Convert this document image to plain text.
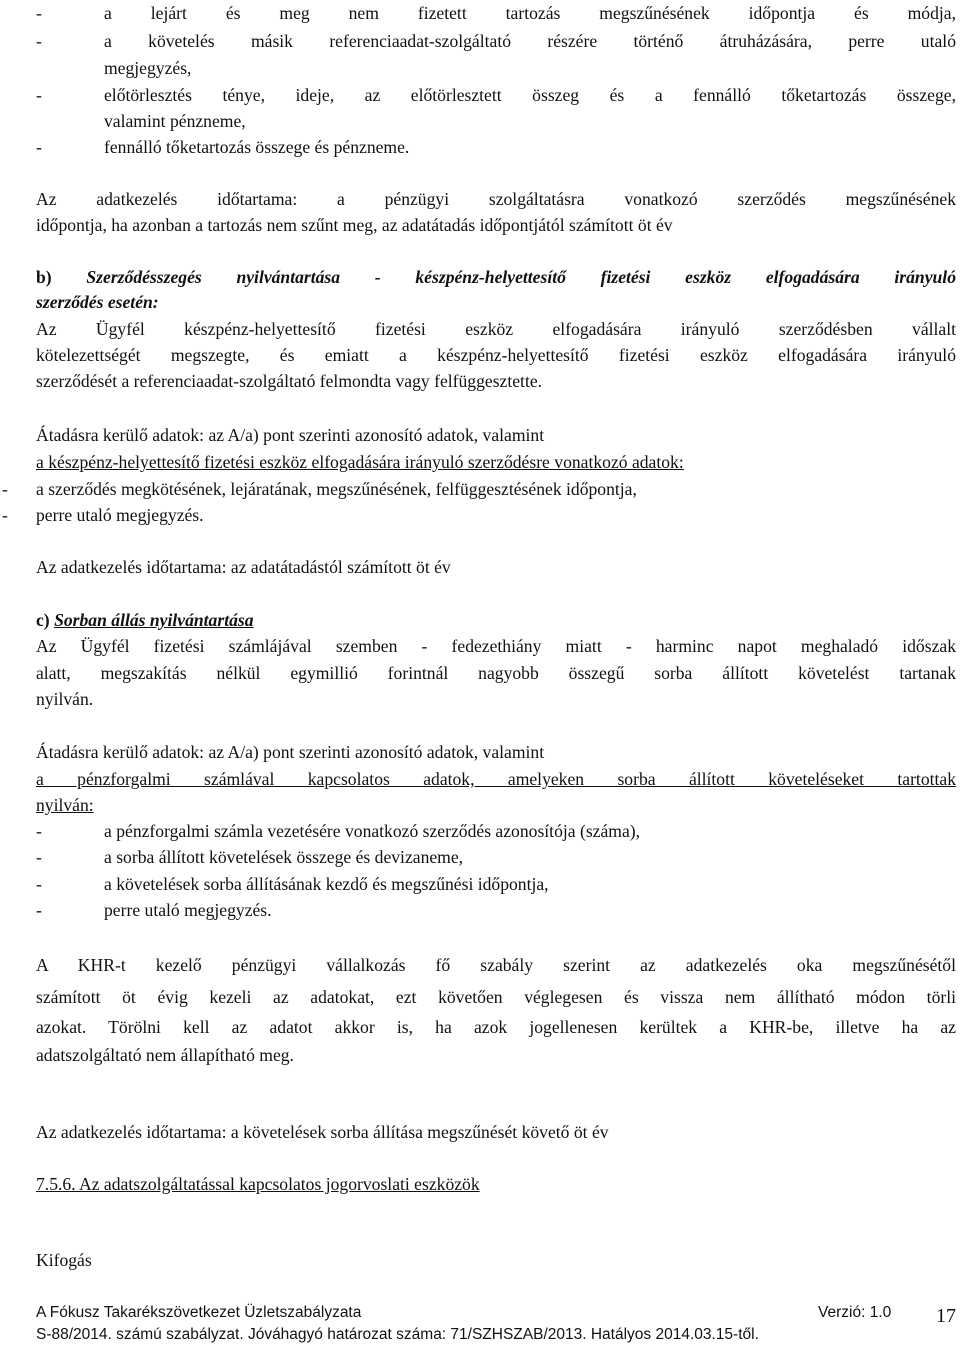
-	a lejárt és meg nem fizetett tartozás megszűnésének időpontja és módja,
-	a követelés másik referenciaadat-szolgáltató részére történő átruházására, perre utaló
megjegyzés,
-	előtörlesztés ténye, ideje, az előtörlesztett összeg és a fennálló tőketartozás összege,
valamint pénzneme,
-	fennálló tőketartozás összege és pénzneme.
Az adatkezelés időtartama: a pénzügyi szolgáltatásra vonatkozó szerződés megszűnésének
időpontja, ha azonban a tartozás nem szűnt meg, az adatátadás időpontjától számított öt év
b) Szerződésszegés nyilvántartása - készpénz-helyettesítő fizetési eszköz elfogadására irányuló
szerződés esetén:
Az Ügyfél készpénz-helyettesítő fizetési eszköz elfogadására irányuló szerződésben vállalt
kötelezettségét megszegte, és emiatt a készpénz-helyettesítő fizetési eszköz elfogadására irányuló
szerződését a referenciaadat-szolgáltató felmondta vagy felfüggesztette.
Átadásra kerülő adatok: az A/a) pont szerinti azonosító adatok, valamint
a készpénz-helyettesítő fizetési eszköz elfogadására irányuló szerződésre vonatkozó adatok:
- a szerződés megkötésének, lejáratának, megszűnésének, felfüggesztésének időpontja,
- perre utaló megjegyzés.
Az adatkezelés időtartama: az adatátadástól számított öt év
c) Sorban állás nyilvántartása
Az Ügyfél fizetési számlájával szemben - fedezethiány miatt - harminc napot meghaladó időszak
alatt, megszakítás nélkül egymillió forintnál nagyobb összegű sorba állított követelést tartanak
nyilván.
Átadásra kerülő adatok: az A/a) pont szerinti azonosító adatok, valamint
a pénzforgalmi számlával kapcsolatos adatok, amelyeken sorba állított követeléseket tartottak
nyilván:
-	a pénzforgalmi számla vezetésére vonatkozó szerződés azonosítója (száma),
-	a sorba állított követelések összege és devizaneme,
-	a követelések sorba állításának kezdő és megszűnési időpontja,
-	perre utaló megjegyzés.
A KHR-t kezelő pénzügyi vállalkozás fő szabály szerint az adatkezelés oka megszűnésétől
számított öt évig kezeli az adatokat, ezt követően véglegesen és vissza nem állítható módon törli
azokat. Törölni kell az adatot akkor is, ha azok jogellenesen kerültek a KHR-be, illetve ha az
adatszolgáltató nem állapítható meg.
Az adatkezelés időtartama: a követelések sorba állítása megszűnését követő öt év
7.5.6. Az adatszolgáltatással kapcsolatos jogorvoslati eszközök
Kifogás
A Fókusz Takarékszövetkezet Üzletszabályzata	Verzió: 1.0 17
S-88/2014. számú szabályzat. Jóváhagyó határozat száma: 71/SZHSZAB/2013. Hatályos 2014.03.15-től.
